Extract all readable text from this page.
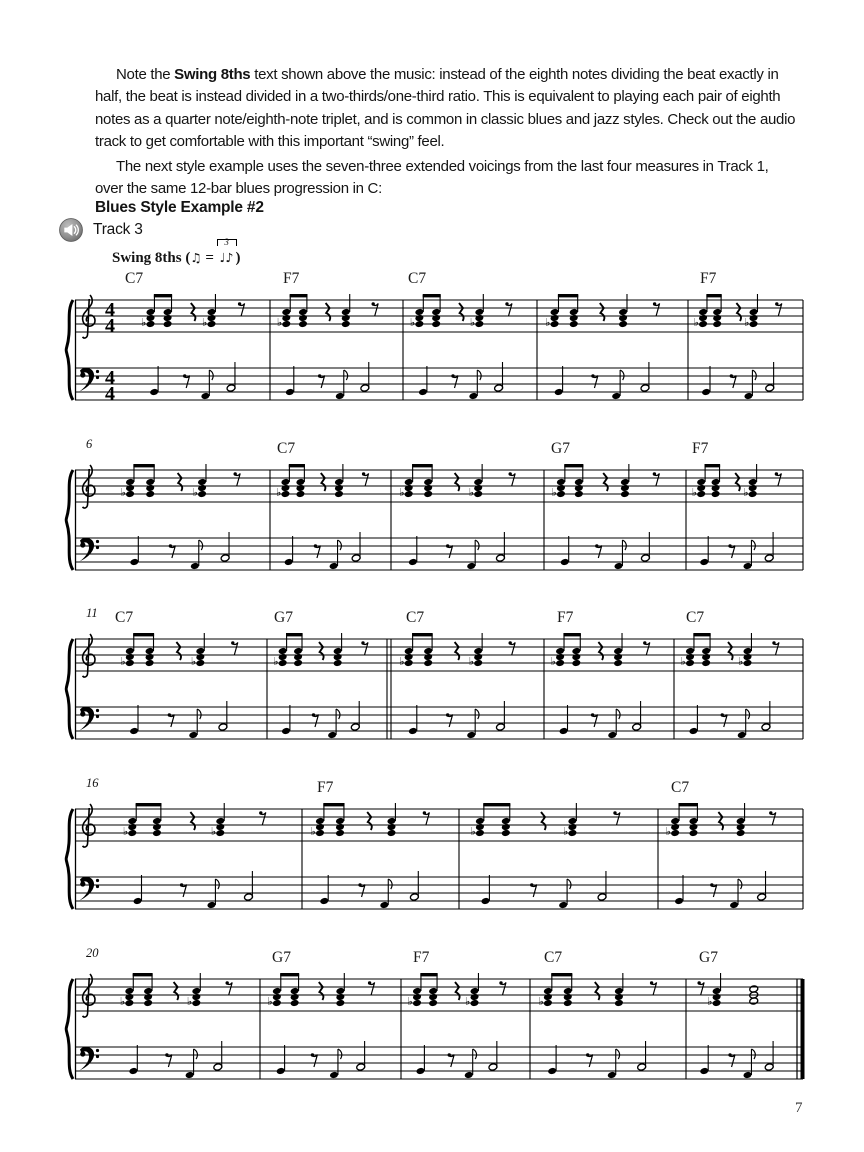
Note the Swing 8ths text shown above the music: instead of the eighth notes dividing the beat exactly in half, the beat is instead divided in a two-thirds/one-third ratio. This is equivalent to playing each pair of eighth notes as a quarter note/eighth-note triplet, and is common in classic blues and jazz styles. Check out the audio track to get comfortable with this important “swing” feel.

The next style example uses the seven-three extended voicings from the last four measures in Track 1, over the same 12-bar blues progression in C:

Blues Style Example #2
Track 3
Swing 8ths (♫ =
3
♩♪ )
C7	F7	C7	F7
4
4
4
4
♭	♭	♭	♭	♭	♭	♭	♭
6	C7	G7	F7
♭	♭	♭	♭	♭	♭	♭	♭
11 C7	G7	C7	F7	C7
♭	♭	♭	♭	♭	♭	♭	♭
16	F7	C7
♭	♭	♭	♭	♭	♭
20	G7	F7	C7	G7
♭	♭	♭	♭	♭	♭	♭
7
